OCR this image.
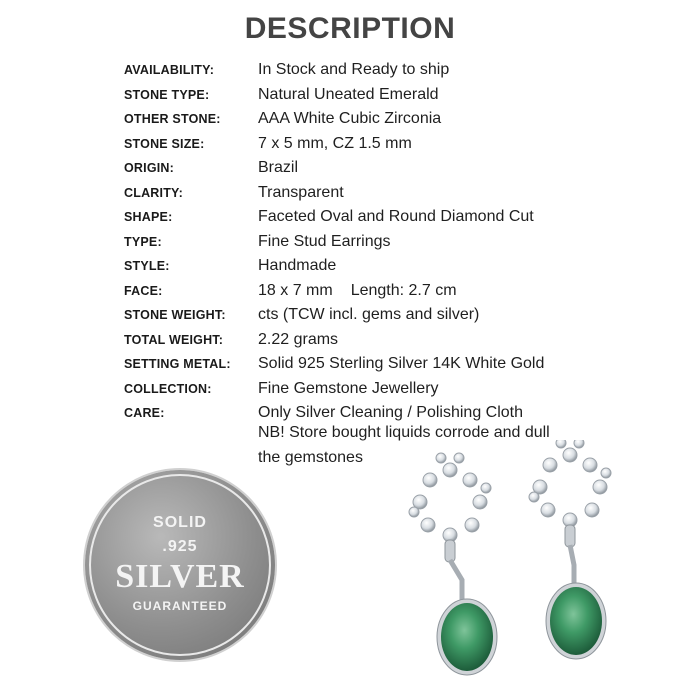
DESCRIPTION
AVAILABILITY:	In Stock and Ready to ship
STONE TYPE:	Natural Uneated Emerald
OTHER STONE:	AAA White Cubic Zirconia
STONE SIZE:	7 x 5 mm, CZ 1.5 mm
ORIGIN:	Brazil
CLARITY:	Transparent
SHAPE:	Faceted Oval and Round Diamond Cut
TYPE:	Fine Stud Earrings
STYLE:	Handmade
FACE:	18 x 7 mm Length: 2.7 cm
STONE WEIGHT:	cts (TCW incl. gems and silver)
TOTAL WEIGHT:	2.22 grams
SETTING METAL:	Solid 925 Sterling Silver 14K White Gold
COLLECTION:	Fine Gemstone Jewellery
CARE:	Only Silver Cleaning / Polishing Cloth
NB! Store bought liquids corrode and dull
the gemstones
SOLID
.925
SILVER
GUARANTEED
